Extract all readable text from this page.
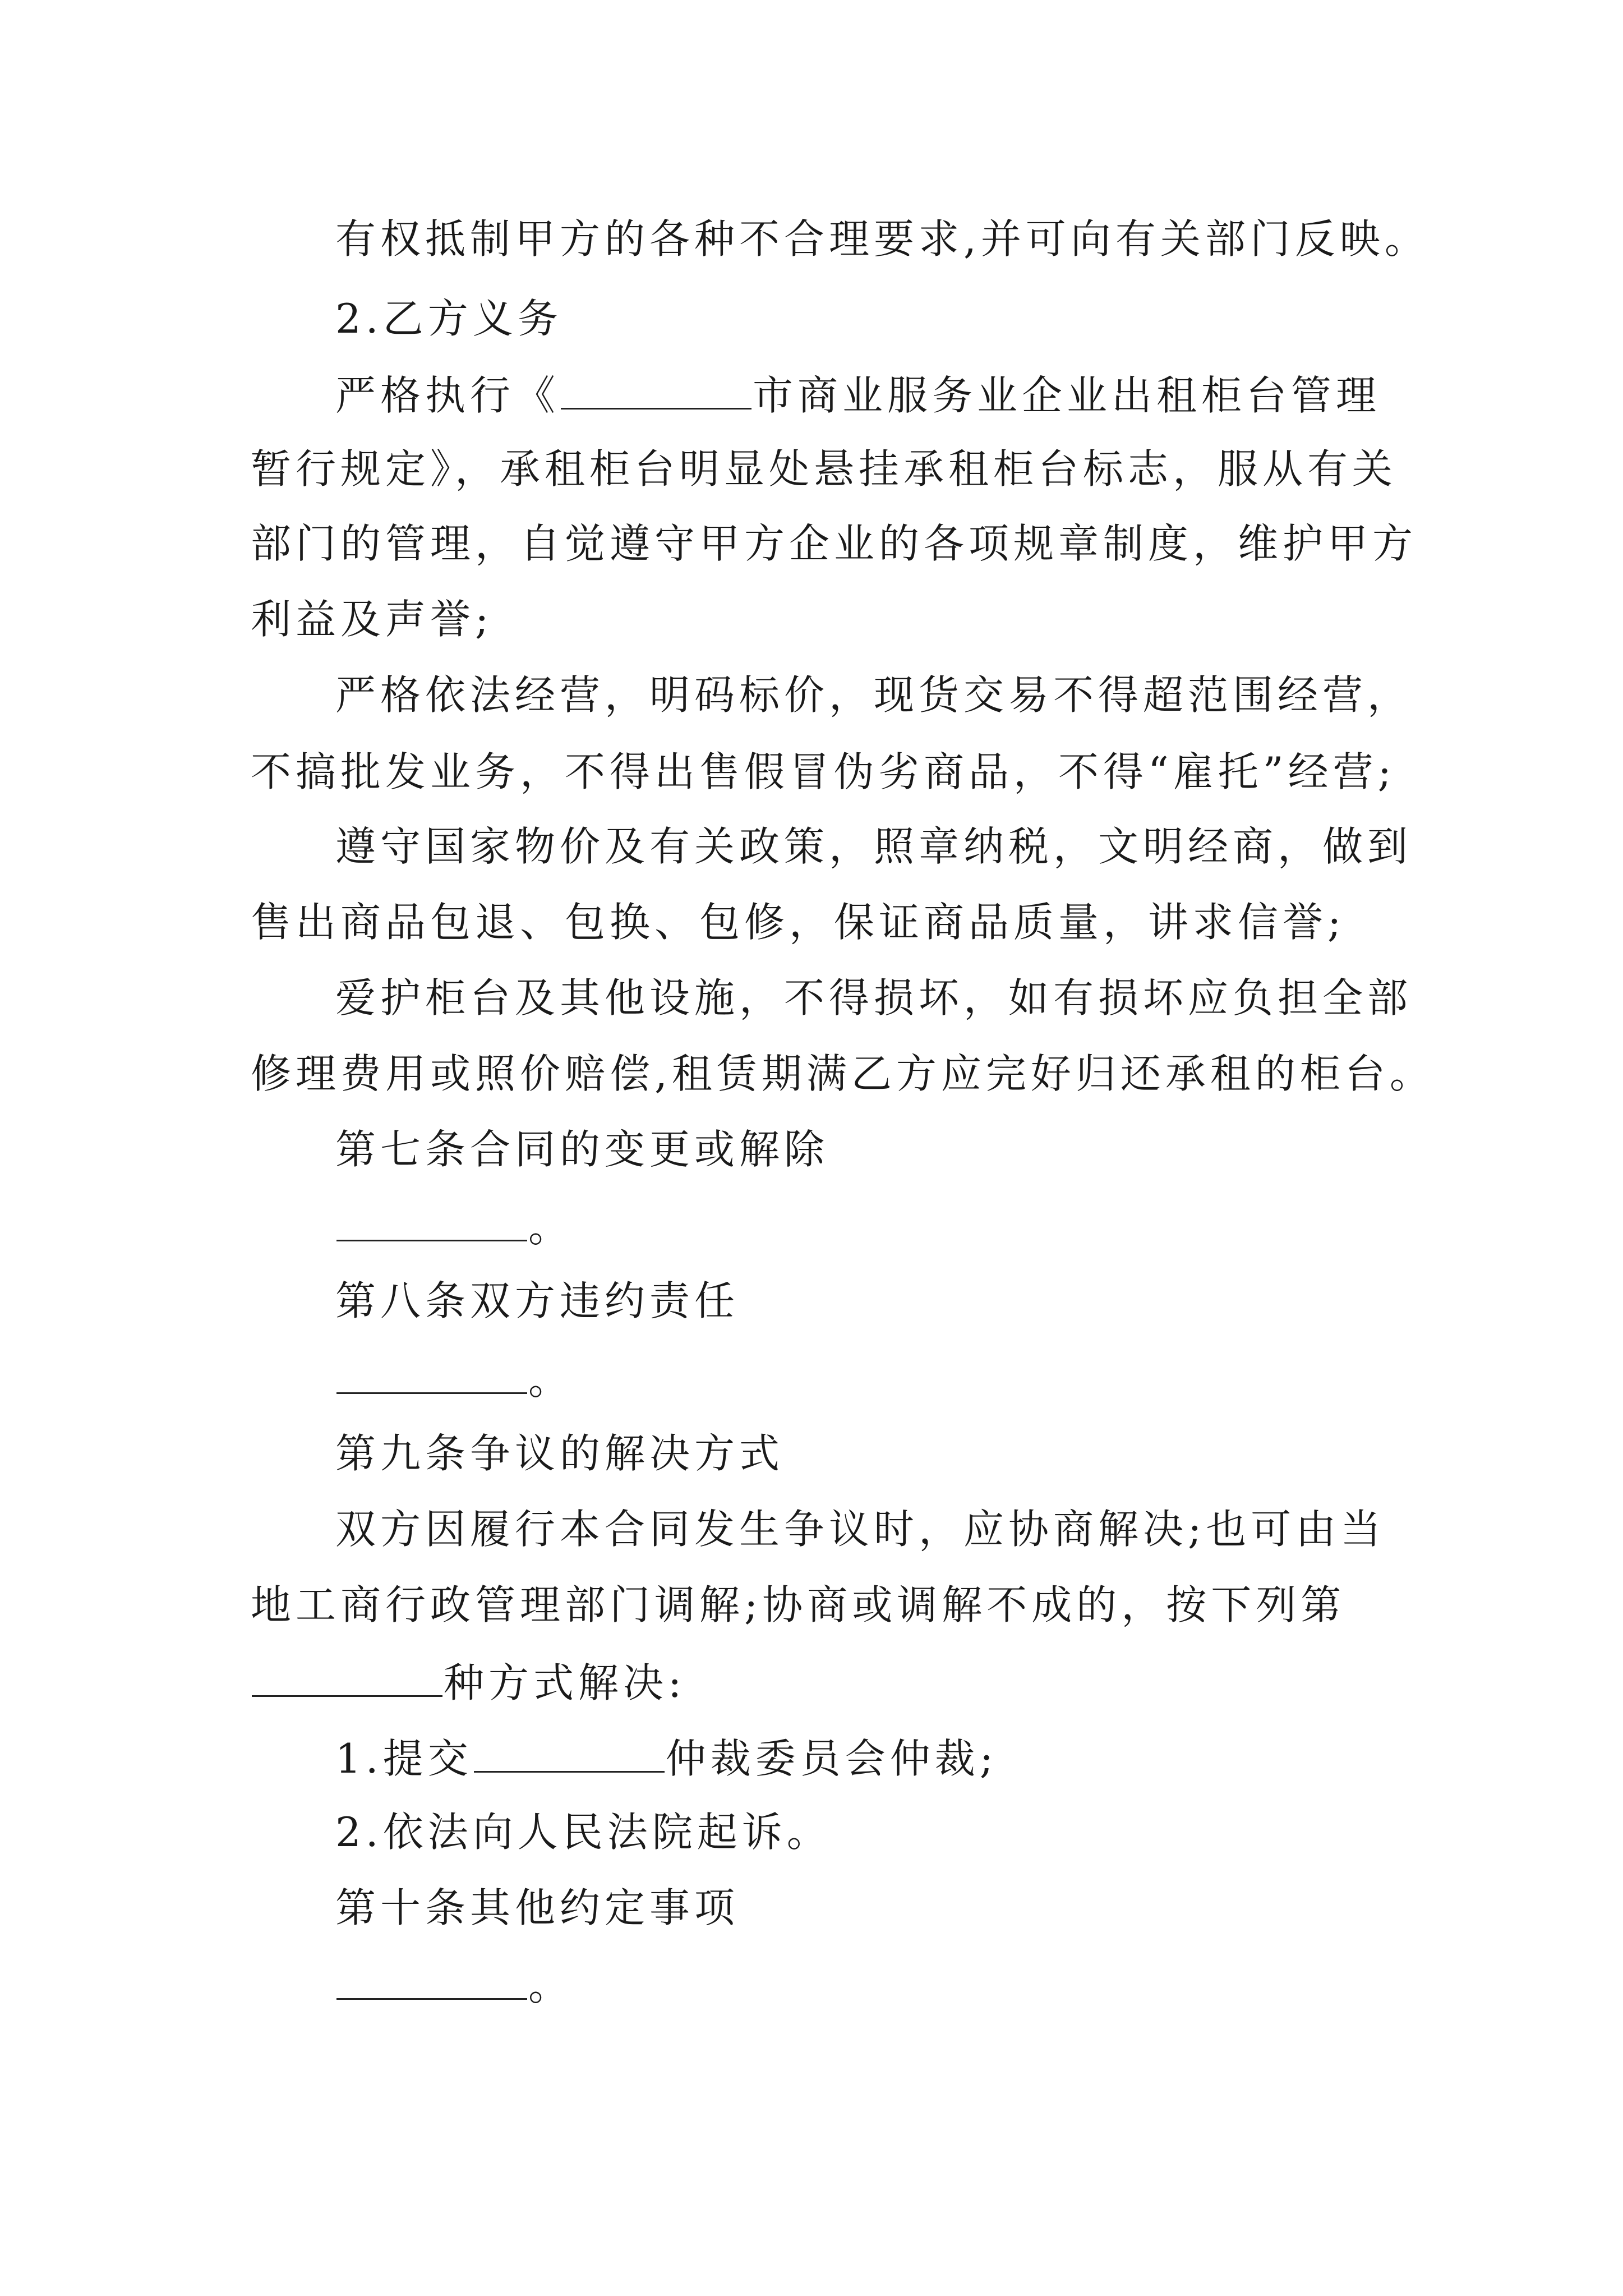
有权抵制甲方的各种不合理要求,并可向有关部门反映。
2.乙方义务
严格执行《	市商业服务业企业出租柜台管理
暂行规定》，承租柜台明显处悬挂承租柜台标志，服从有关
部门的管理，自觉遵守甲方企业的各项规章制度，维护甲方
利益及声誉;
严格依法经营，明码标价，现货交易不得超范围经营，
不搞批发业务，不得出售假冒伪劣商品，不得“雇托”经营;
遵守国家物价及有关政策，照章纳税，文明经商，做到
售出商品包退、包换、包修，保证商品质量，讲求信誉;
爱护柜台及其他设施，不得损坏，如有损坏应负担全部
修理费用或照价赔偿,租赁期满乙方应完好归还承租的柜台。
第七条合同的变更或解除
。
第八条双方违约责任
。
第九条争议的解决方式
双方因履行本合同发生争议时，应协商解决;也可由当
地工商行政管理部门调解;协商或调解不成的，按下列第
种方式解决:
1.提交	仲裁委员会仲裁;
2.依法向人民法院起诉。
第十条其他约定事项
。
